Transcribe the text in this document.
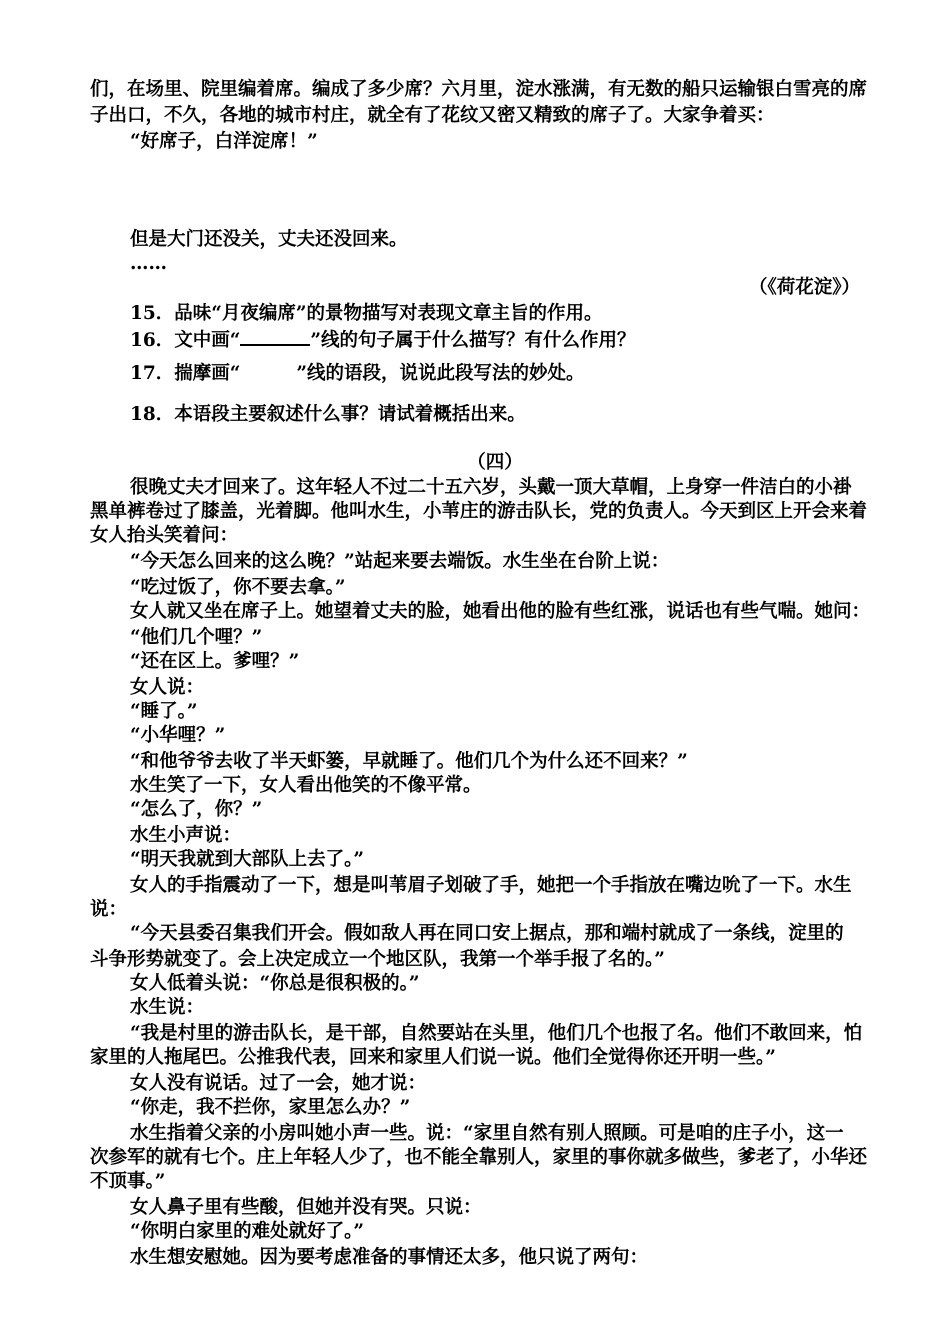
们，在场里、院里编着席。编成了多少席？六月里，淀水涨满，有无数的船只运输银白雪亮的席
子出口，不久，各地的城市村庄，就全有了花纹又密又精致的席子了。大家争着买：
“好席子，白洋淀席！”
但是大门还没关，丈夫还没回来。
……
（《荷花淀》）
15．品味“月夜编席”的景物描写对表现文章主旨的作用。
16．文中画“	”线的句子属于什么描写？有什么作用？
17．揣摩画“	”线的语段，说说此段写法的妙处。
18．本语段主要叙述什么事？请试着概括出来。
（四）
很晚丈夫才回来了。这年轻人不过二十五六岁，头戴一顶大草帽，上身穿一件洁白的小褂
黑单裤卷过了膝盖，光着脚。他叫水生，小苇庄的游击队长，党的负责人。今天到区上开会来着
女人抬头笑着问：
“今天怎么回来的这么晚？”站起来要去端饭。水生坐在台阶上说：
“吃过饭了，你不要去拿。”
女人就又坐在席子上。她望着丈夫的脸，她看出他的脸有些红涨，说话也有些气喘。她问：
“他们几个哩？”
“还在区上。爹哩？”
女人说：
“睡了。”
“小华哩？”
“和他爷爷去收了半天虾篓，早就睡了。他们几个为什么还不回来？”
水生笑了一下，女人看出他笑的不像平常。
“怎么了，你？”
水生小声说：
“明天我就到大部队上去了。”
女人的手指震动了一下，想是叫苇眉子划破了手，她把一个手指放在嘴边吮了一下。水生
说：
“今天县委召集我们开会。假如敌人再在同口安上据点，那和端村就成了一条线，淀里的
斗争形势就变了。会上决定成立一个地区队，我第一个举手报了名的。”
女人低着头说：“你总是很积极的。”
水生说：
“我是村里的游击队长，是干部，自然要站在头里，他们几个也报了名。他们不敢回来，怕
家里的人拖尾巴。公推我代表，回来和家里人们说一说。他们全觉得你还开明一些。”
女人没有说话。过了一会，她才说：
“你走，我不拦你，家里怎么办？”
水生指着父亲的小房叫她小声一些。说：“家里自然有别人照顾。可是咱的庄子小，这一
次参军的就有七个。庄上年轻人少了，也不能全靠别人，家里的事你就多做些，爹老了，小华还
不顶事。”
女人鼻子里有些酸，但她并没有哭。只说：
“你明白家里的难处就好了。”
水生想安慰她。因为要考虑准备的事情还太多，他只说了两句：
